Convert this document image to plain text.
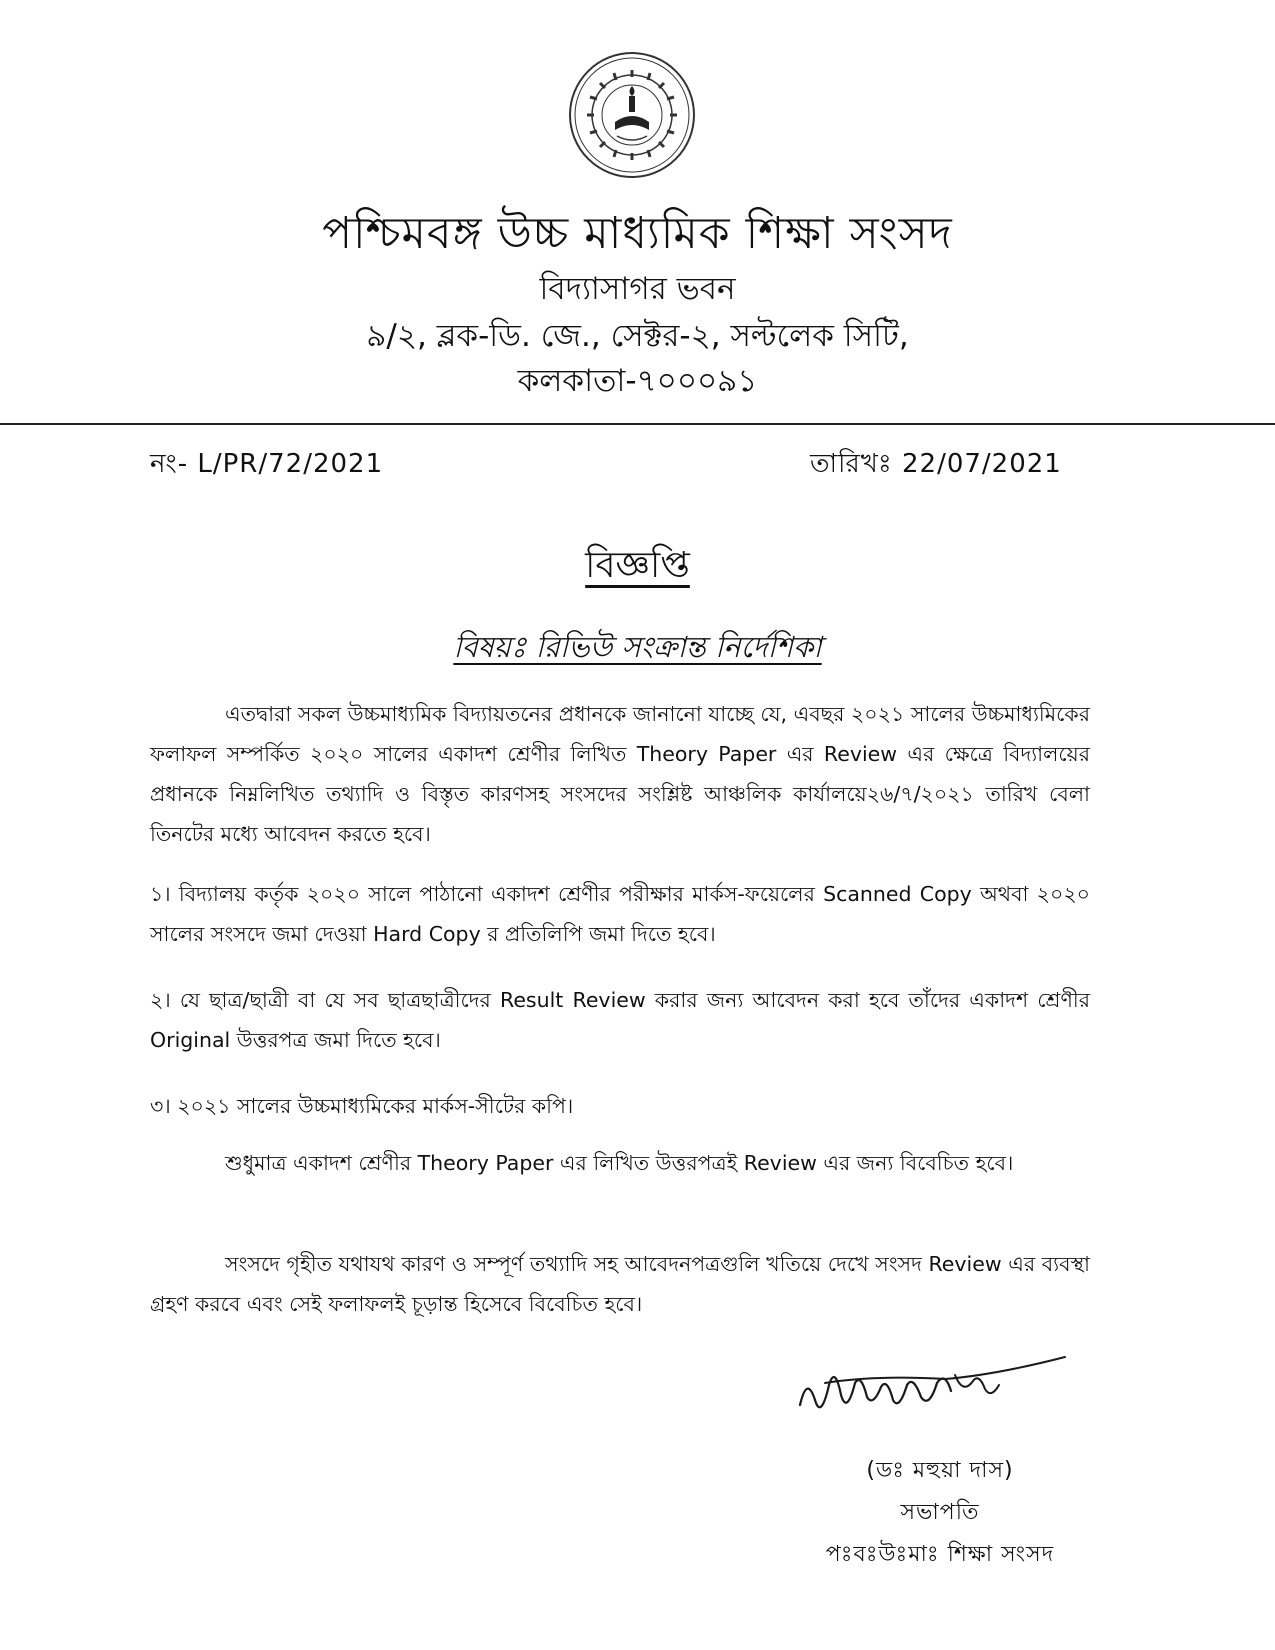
পশ্চিমবঙ্গ উচ্চ মাধ্যমিক শিক্ষা সংসদ
বিদ্যাসাগর ভবন
৯/২, ব্লক-ডি. জে., সেক্টর-২, সল্টলেক সিটি,
কলকাতা-৭০০০৯১
নং- L/PR/72/2021	তারিখঃ 22/07/2021
বিজ্ঞপ্তি
বিষয়ঃ রিভিউ সংক্রান্ত নির্দেশিকা
এতদ্বারা সকল উচ্চমাধ্যমিক বিদ্যায়তনের প্রধানকে জানানো যাচ্ছে যে, এবছর ২০২১ সালের উচ্চমাধ্যমিকের ফলাফল সম্পর্কিত ২০২০ সালের একাদশ শ্রেণীর লিখিত Theory Paper এর Review এর ক্ষেত্রে বিদ্যালয়ের প্রধানকে নিম্নলিখিত তথ্যাদি ও বিস্তৃত কারণসহ সংসদের সংশ্লিষ্ট আঞ্চলিক কার্যালয়ে২৬/৭/২০২১ তারিখ বেলা তিনটের মধ্যে আবেদন করতে হবে।
১। বিদ্যালয় কর্তৃক ২০২০ সালে পাঠানো একাদশ শ্রেণীর পরীক্ষার মার্কস-ফয়েলের Scanned Copy অথবা ২০২০ সালের সংসদে জমা দেওয়া Hard Copy র প্রতিলিপি জমা দিতে হবে।
২। যে ছাত্র/ছাত্রী বা যে সব ছাত্রছাত্রীদের Result Review করার জন্য আবেদন করা হবে তাঁদের একাদশ শ্রেণীর Original উত্তরপত্র জমা দিতে হবে।
৩। ২০২১ সালের উচ্চমাধ্যমিকের মার্কস-সীটের কপি।
শুধুমাত্র একাদশ শ্রেণীর Theory Paper এর লিখিত উত্তরপত্রই Review এর জন্য বিবেচিত হবে।
সংসদে গৃহীত যথাযথ কারণ ও সম্পূর্ণ তথ্যাদি সহ আবেদনপত্রগুলি খতিয়ে দেখে সংসদ Review এর ব্যবস্থা গ্রহণ করবে এবং সেই ফলাফলই চূড়ান্ত হিসেবে বিবেচিত হবে।
(ডঃ মহুয়া দাস)
সভাপতি
পঃবঃউঃমাঃ শিক্ষা সংসদ
